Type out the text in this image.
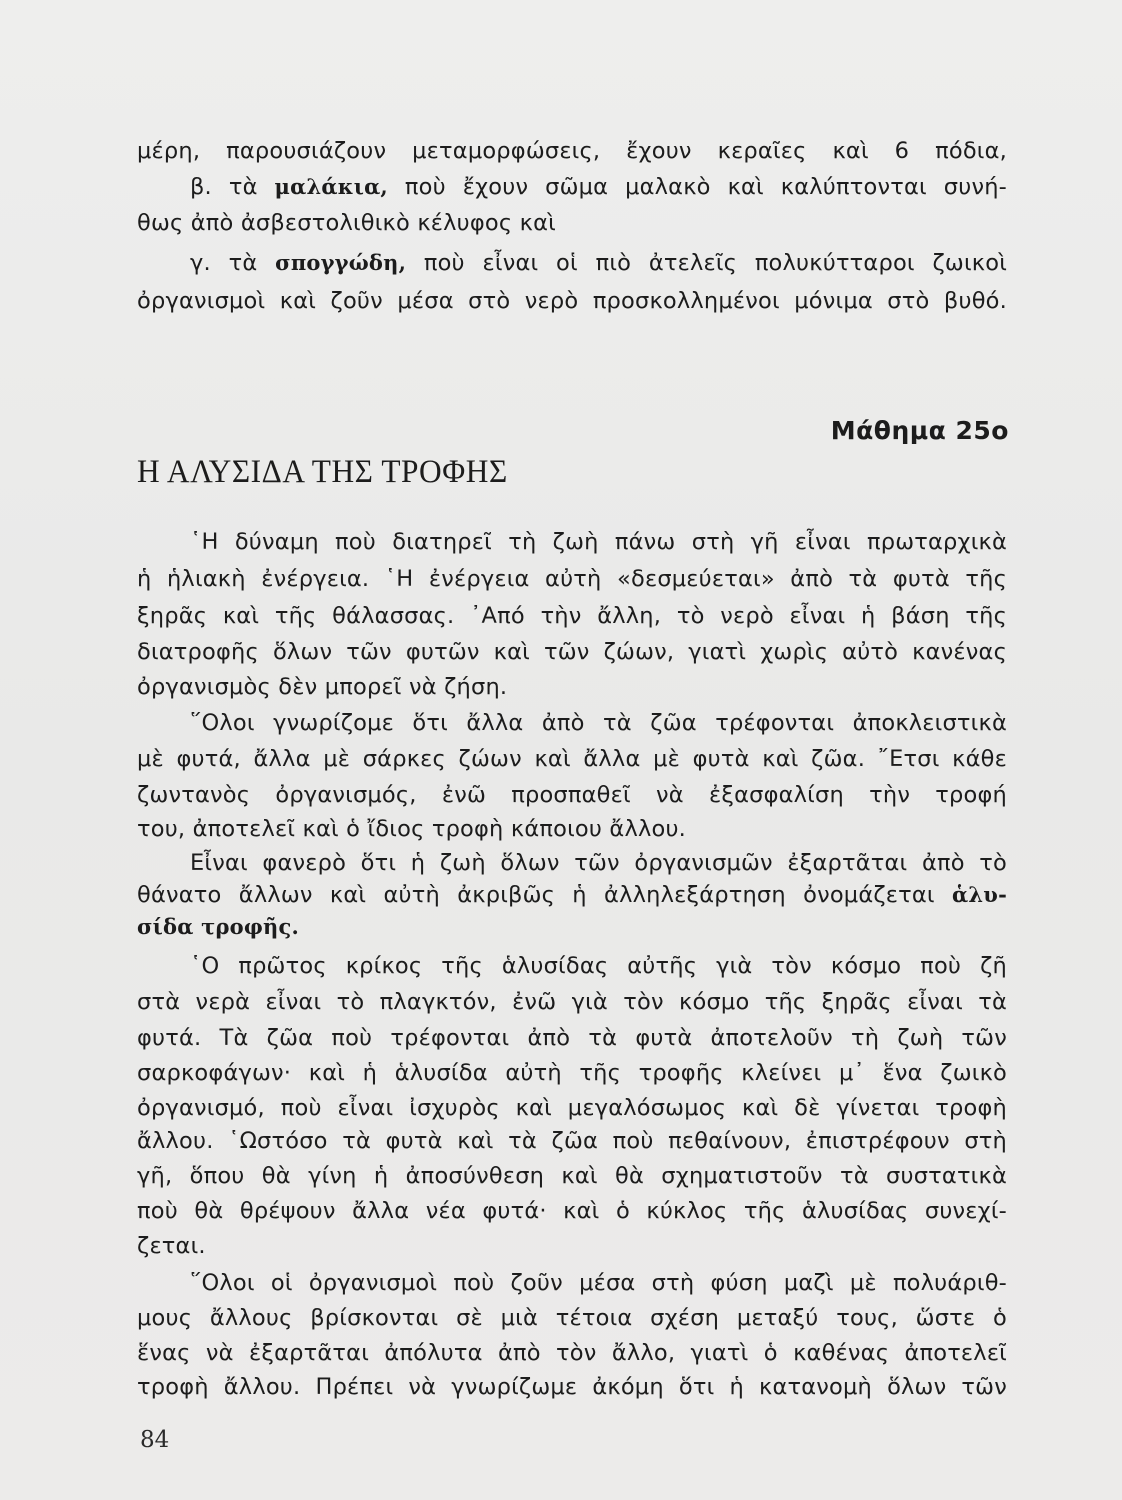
μέρη, παρουσιάζουν μεταμορφώσεις, ἔχουν κεραῖες καὶ 6 πόδια,
β. τὰ μαλάκια, ποὺ ἔχουν σῶμα μαλακὸ καὶ καλύπτονται συνή-
θως ἀπὸ ἀσβεστολιθικὸ κέλυφος καὶ
γ. τὰ σπογγώδη, ποὺ εἶναι οἱ πιὸ ἀτελεῖς πολυκύτταροι ζωικοὶ
ὀργανισμοὶ καὶ ζοῦν μέσα στὸ νερὸ προσκολλημένοι μόνιμα στὸ βυθό.
Μάθημα 25ο
Η ΑΛΥΣΙΔΑ ΤΗΣ ΤΡΟΦΗΣ
῾Η δύναμη ποὺ διατηρεῖ τὴ ζωὴ πάνω στὴ γῆ εἶναι πρωταρχικὰ
ἡ ἡλιακὴ ἐνέργεια. ῾Η ἐνέργεια αὐτὴ «δεσμεύεται» ἀπὸ τὰ φυτὰ τῆς
ξηρᾶς καὶ τῆς θάλασσας. ᾿Από τὴν ἄλλη, τὸ νερὸ εἶναι ἡ βάση τῆς
διατροφῆς ὅλων τῶν φυτῶν καὶ τῶν ζώων, γιατὶ χωρὶς αὐτὸ κανένας
ὀργανισμὸς δὲν μπορεῖ νὰ ζήση.
῞Ολοι γνωρίζομε ὅτι ἄλλα ἀπὸ τὰ ζῶα τρέφονται ἀποκλειστικὰ
μὲ φυτά, ἄλλα μὲ σάρκες ζώων καὶ ἄλλα μὲ φυτὰ καὶ ζῶα. ῎Ετσι κάθε
ζωντανὸς ὀργανισμός, ἐνῶ προσπαθεῖ νὰ ἐξασφαλίση τὴν τροφή
του, ἀποτελεῖ καὶ ὁ ἴδιος τροφὴ κάποιου ἄλλου.
Εἶναι φανερὸ ὅτι ἡ ζωὴ ὅλων τῶν ὀργανισμῶν ἐξαρτᾶται ἀπὸ τὸ
θάνατο ἄλλων καὶ αὐτὴ ἀκριβῶς ἡ ἀλληλεξάρτηση ὀνομάζεται ἁλυ-
σίδα τροφῆς.
῾Ο πρῶτος κρίκος τῆς ἁλυσίδας αὐτῆς γιὰ τὸν κόσμο ποὺ ζῆ
στὰ νερὰ εἶναι τὸ πλαγκτόν, ἐνῶ γιὰ τὸν κόσμο τῆς ξηρᾶς εἶναι τὰ
φυτά. Τὰ ζῶα ποὺ τρέφονται ἀπὸ τὰ φυτὰ ἀποτελοῦν τὴ ζωὴ τῶν
σαρκοφάγων· καὶ ἡ ἁλυσίδα αὐτὴ τῆς τροφῆς κλείνει μ᾿ ἕνα ζωικὸ
ὀργανισμό, ποὺ εἶναι ἰσχυρὸς καὶ μεγαλόσωμος καὶ δὲ γίνεται τροφὴ
ἄλλου. ῾Ωστόσο τὰ φυτὰ καὶ τὰ ζῶα ποὺ πεθαίνουν, ἐπιστρέφουν στὴ
γῆ, ὅπου θὰ γίνη ἡ ἀποσύνθεση καὶ θὰ σχηματιστοῦν τὰ συστατικὰ
ποὺ θὰ θρέψουν ἄλλα νέα φυτά· καὶ ὁ κύκλος τῆς ἁλυσίδας συνεχί-
ζεται.
῞Ολοι οἱ ὀργανισμοὶ ποὺ ζοῦν μέσα στὴ φύση μαζὶ μὲ πολυάριθ-
μους ἄλλους βρίσκονται σὲ μιὰ τέτοια σχέση μεταξύ τους, ὥστε ὁ
ἕνας νὰ ἐξαρτᾶται ἀπόλυτα ἀπὸ τὸν ἄλλο, γιατὶ ὁ καθένας ἀποτελεῖ
τροφὴ ἄλλου. Πρέπει νὰ γνωρίζωμε ἀκόμη ὅτι ἡ κατανομὴ ὅλων τῶν
84
